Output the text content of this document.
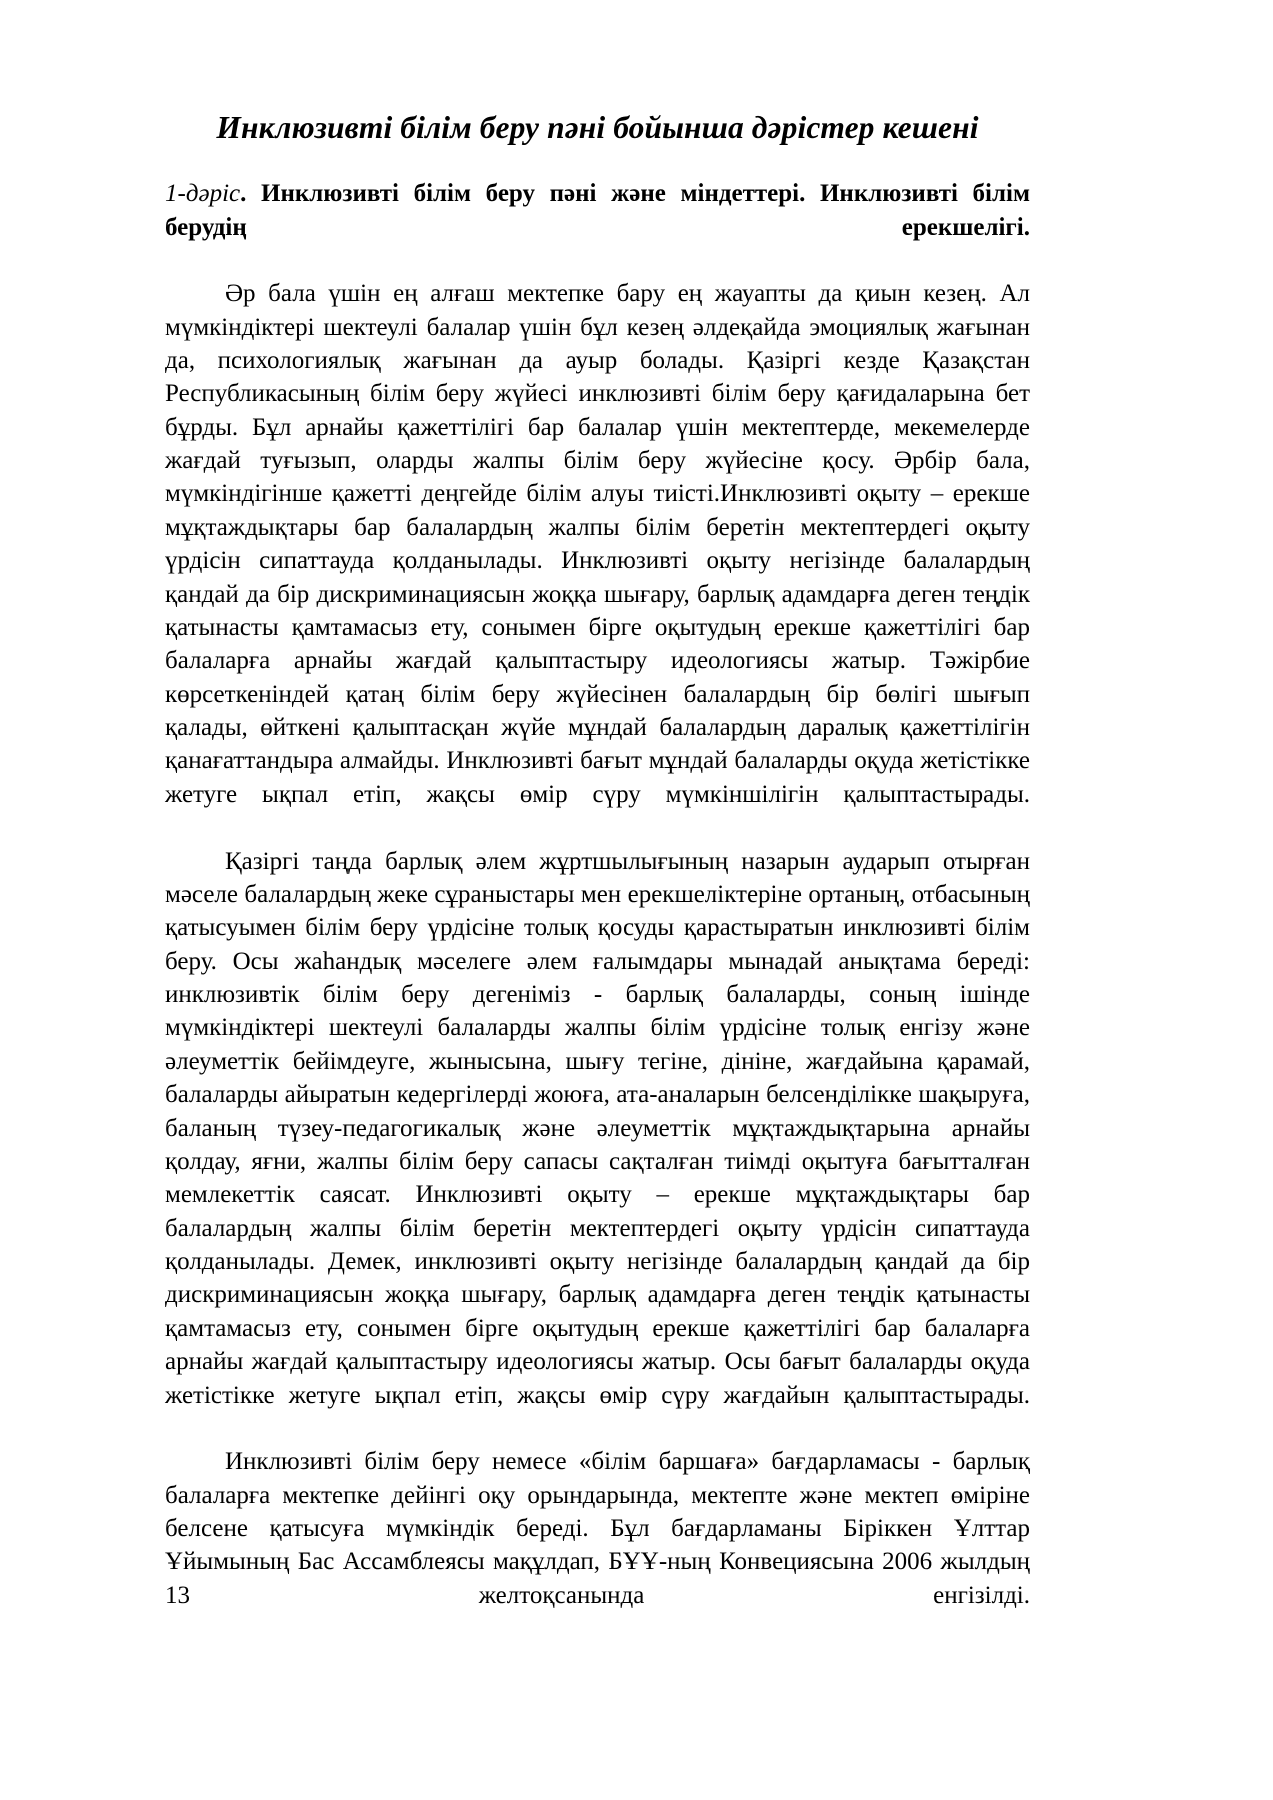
Инклюзивті білім беру пәні бойынша дәрістер кешені

1-дәріс. Инклюзивті білім беру пәні және міндеттері. Инклюзивті білім берудің ерекшелігі.

Әр бала үшін ең алғаш мектепке бару ең жауапты да қиын кезең. Ал мүмкіндіктері шектеулі балалар үшін бұл кезең әлдеқайда эмоциялық жағынан да, психологиялық жағынан да ауыр болады. Қазіргі кезде Қазақстан Республикасының білім беру жүйесі инклюзивті білім беру қағидаларына бет бұрды. Бұл арнайы қажеттілігі бар балалар үшін мектептерде, мекемелерде жағдай туғызып, оларды жалпы білім беру жүйесіне қосу. Әрбір бала, мүмкіндігінше қажетті деңгейде білім алуы тиісті.Инклюзивті оқыту – ерекше мұқтаждықтары бар балалардың жалпы білім беретін мектептердегі оқыту үрдісін сипаттауда қолданылады. Инклюзивті оқыту негізінде балалардың қандай да бір дискриминациясын жоққа шығару, барлық адамдарға деген теңдік қатынасты қамтамасыз ету, сонымен бірге оқытудың ерекше қажеттілігі бар балаларға арнайы жағдай қалыптастыру идеологиясы жатыр. Тәжірбие көрсеткеніндей қатаң білім беру жүйесінен балалардың бір бөлігі шығып қалады, өйткені қалыптасқан жүйе мұндай балалардың даралық қажеттілігін қанағаттандыра алмайды. Инклюзивті бағыт мұндай балаларды оқуда жетістікке жетуге ықпал етіп, жақсы өмір сүру мүмкіншілігін қалыптастырады.

Қазіргі таңда барлық әлем жұртшылығының назарын аударып отырған мәселе балалардың жеке сұраныстары мен ерекшеліктеріне ортаның, отбасының қатысуымен білім беру үрдісіне толық қосуды қарастыратын инклюзивті білім беру. Осы жаһандық мәселеге әлем ғалымдары мынадай анықтама береді: инклюзивтік білім беру дегеніміз - барлық балаларды, соның ішінде мүмкіндіктері шектеулі балаларды жалпы білім үрдісіне толық енгізу және әлеуметтік бейімдеуге, жынысына, шығу тегіне, дініне, жағдайына қарамай, балаларды айыратын кедергілерді жоюға, ата-аналарын белсенділікке шақыруға, баланың түзеу-педагогикалық және әлеуметтік мұқтаждықтарына арнайы қолдау, яғни, жалпы білім беру сапасы сақталған тиімді оқытуға бағытталған мемлекеттік саясат. Инклюзивті оқыту – ерекше мұқтаждықтары бар балалардың жалпы білім беретін мектептердегі оқыту үрдісін сипаттауда қолданылады. Демек, инклюзивті оқыту негізінде балалардың қандай да бір дискриминациясын жоққа шығару, барлық адамдарға деген теңдік қатынасты қамтамасыз ету, сонымен бірге оқытудың ерекше қажеттілігі бар балаларға арнайы жағдай қалыптастыру идеологиясы жатыр. Осы бағыт балаларды оқуда жетістікке жетуге ықпал етіп, жақсы өмір сүру жағдайын қалыптастырады.

Инклюзивті білім беру немесе «білім баршаға» бағдарламасы - барлық балаларға мектепке дейінгі оқу орындарында, мектепте және мектеп өміріне белсене қатысуға мүмкіндік береді. Бұл бағдарламаны Біріккен Ұлттар Ұйымының Бас Ассамблеясы мақұлдап, БҰҰ-ның Конвециясына 2006 жылдың 13 желтоқсанында енгізілді.
